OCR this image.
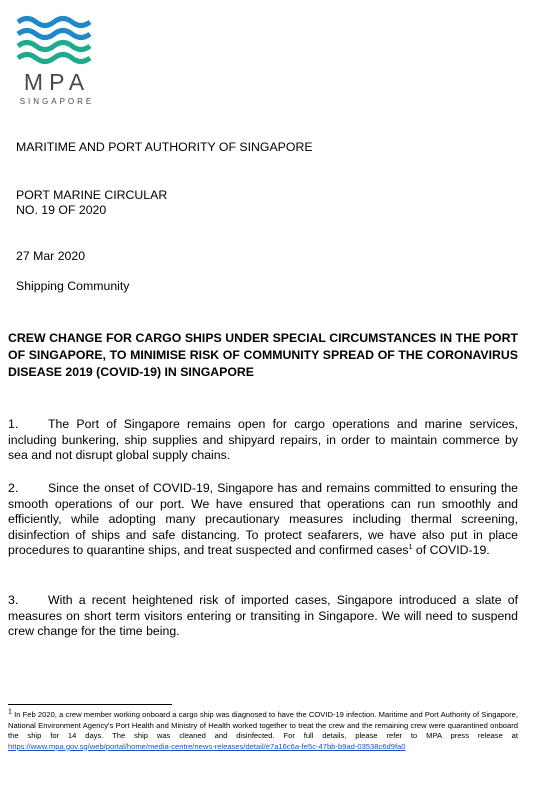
MPA
SINGAPORE
MARITIME AND PORT AUTHORITY OF SINGAPORE
PORT MARINE CIRCULAR
NO. 19 OF 2020
27 Mar 2020
Shipping Community
CREW CHANGE FOR CARGO SHIPS UNDER SPECIAL CIRCUMSTANCES IN THE PORT OF SINGAPORE, TO MINIMISE RISK OF COMMUNITY SPREAD OF THE CORONAVIRUS DISEASE 2019 (COVID-19) IN SINGAPORE
1. The Port of Singapore remains open for cargo operations and marine services, including bunkering, ship supplies and shipyard repairs, in order to maintain commerce by sea and not disrupt global supply chains.
2. Since the onset of COVID-19, Singapore has and remains committed to ensuring the smooth operations of our port. We have ensured that operations can run smoothly and efficiently, while adopting many precautionary measures including thermal screening, disinfection of ships and safe distancing. To protect seafarers, we have also put in place procedures to quarantine ships, and treat suspected and confirmed cases$^1$ of COVID-19.
3. With a recent heightened risk of imported cases, Singapore introduced a slate of measures on short term visitors entering or transiting in Singapore. We will need to suspend crew change for the time being.
$^1$ In Feb 2020, a crew member working onboard a cargo ship was diagnosed to have the COVID-19 infection. Maritime and Port Authority of Singapore, National Environment Agency's Port Health and Ministry of Health worked together to treat the crew and the remaining crew were quarantined onboard the ship for 14 days. The ship was cleaned and disinfected. For full details, please refer to MPA press release at https://www.mpa.gov.sg/web/portal/home/media-centre/news-releases/detail/e7a16c6a-fe5c-47bb-b9ad-03538c6d9fa0
